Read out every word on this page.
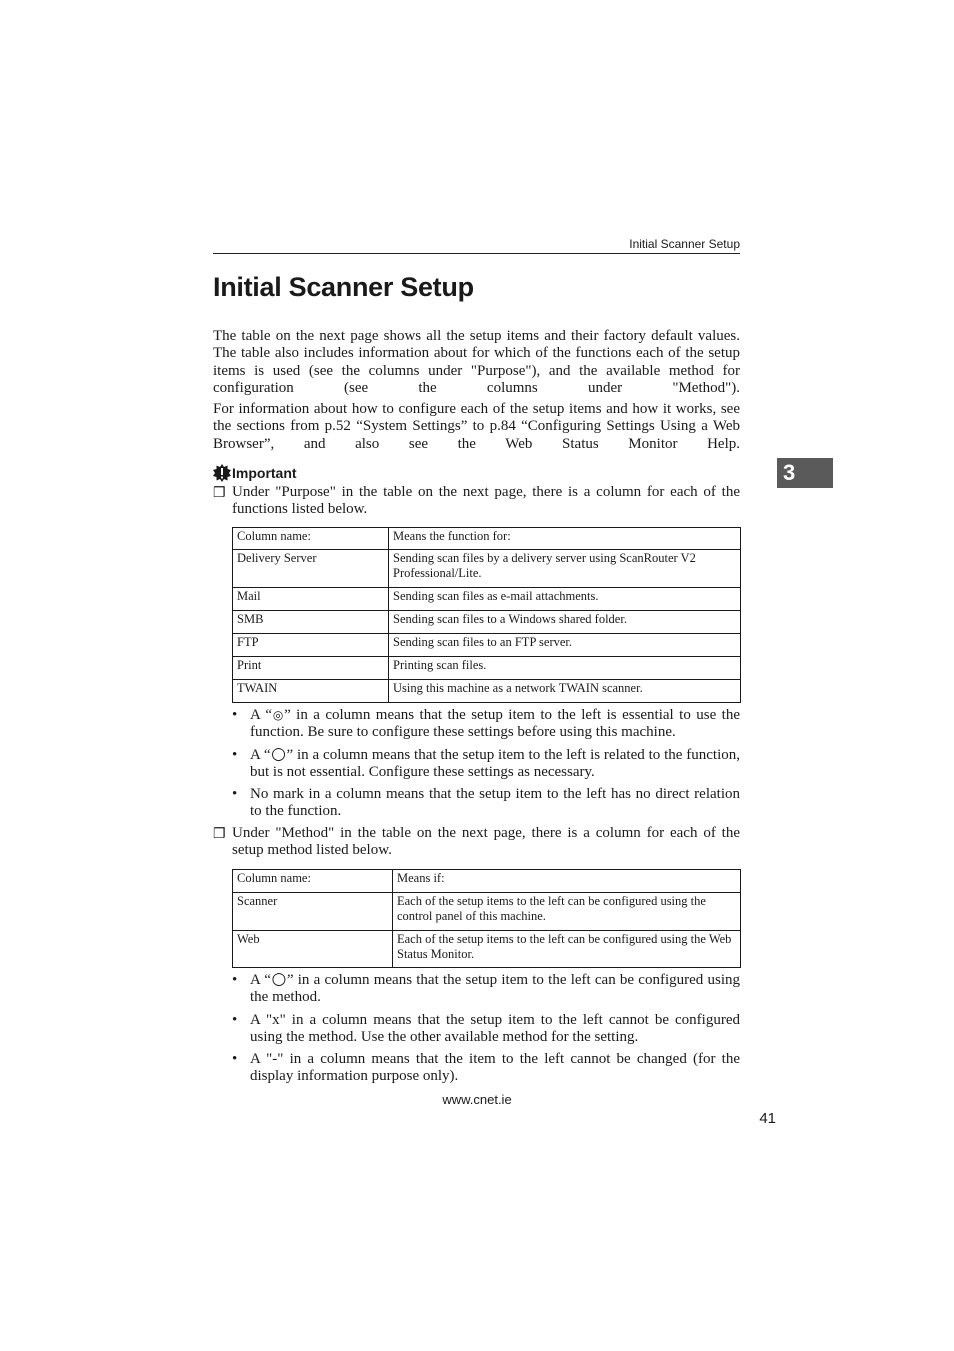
Initial Scanner Setup
Initial Scanner Setup

The table on the next page shows all the setup items and their factory default values. The table also includes information about for which of the functions each of the setup items is used (see the columns under "Purpose"), and the available method for configuration (see the columns under "Method").

For information about how to configure each of the setup items and how it works, see the sections from p.52 “System Settings” to p.84 “Configuring Settings Using a Web Browser”, and also see the Web Status Monitor Help.

Important
❒ Under "Purpose" in the table on the next page, there is a column for each of the functions listed below.
Column name:	Means the function for:
Delivery Server	Sending scan files by a delivery server using ScanRouter V2 Professional/Lite.
Mail	Sending scan files as e-mail attachments.
SMB	Sending scan files to a Windows shared folder.
FTP	Sending scan files to an FTP server.
Print	Printing scan files.
TWAIN	Using this machine as a network TWAIN scanner.
• A “◎” in a column means that the setup item to the left is essential to use the function. Be sure to configure these settings before using this machine.
• A “○” in a column means that the setup item to the left is related to the function, but is not essential. Configure these settings as necessary.
• No mark in a column means that the setup item to the left has no direct relation to the function.
❒ Under "Method" in the table on the next page, there is a column for each of the setup method listed below.
Column name:	Means if:
Scanner	Each of the setup items to the left can be configured using the control panel of this machine.
Web	Each of the setup items to the left can be configured using the Web Status Monitor.
• A “○” in a column means that the setup item to the left can be configured using the method.
• A "x" in a column means that the setup item to the left cannot be configured using the method. Use the other available method for the setting.
• A "-" in a column means that the item to the left cannot be changed (for the display information purpose only).
3
www.cnet.ie
41
